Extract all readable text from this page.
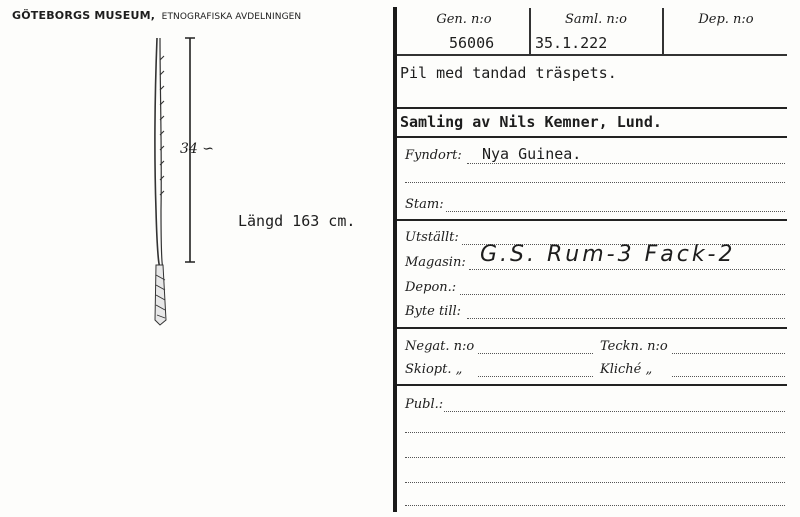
GÖTEBORGS MUSEUM, ETNOGRAFISKA AVDELNINGEN
34 ∽
Längd 163 cm.
Gen. n:o	Saml. n:o	Dep. n:o
56006	35.1.222
Pil med tandad träspets.
Samling av Nils Kemner, Lund.
Fyndort: Nya Guinea.
Stam:
Utställt:
Magasin: G.S. Rum-3 Fack-2
Depon.:
Byte till:
Negat. n:o	Teckn. n:o
Skiopt. „	Kliché „
Publ.:
